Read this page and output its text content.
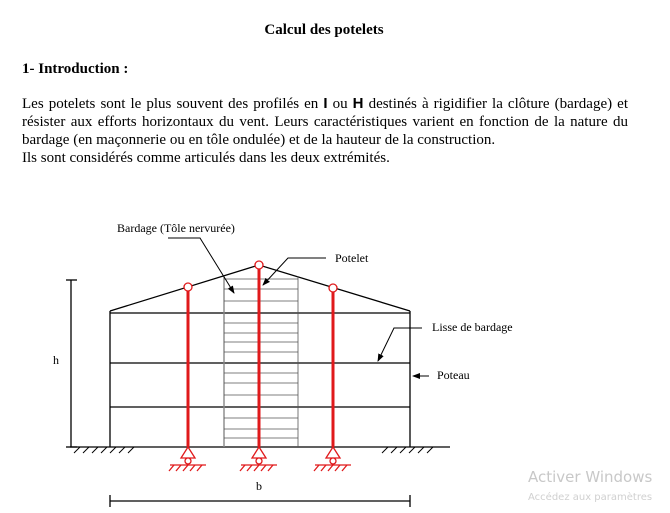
Calcul des potelets
1- Introduction :

Les potelets sont le plus souvent des profilés en I ou H destinés à rigidifier la clôture (bardage) et résister aux efforts horizontaux du vent. Leurs caractéristiques varient en fonction de la nature du bardage (en maçonnerie ou en tôle ondulée) et de la hauteur de la construction.

Ils sont considérés comme articulés dans les deux extrémités.

Bardage (Tôle nervurée)
Potelet
Lisse de bardage
Poteau
h
b	Activer Windows
Accédez aux paramètres
